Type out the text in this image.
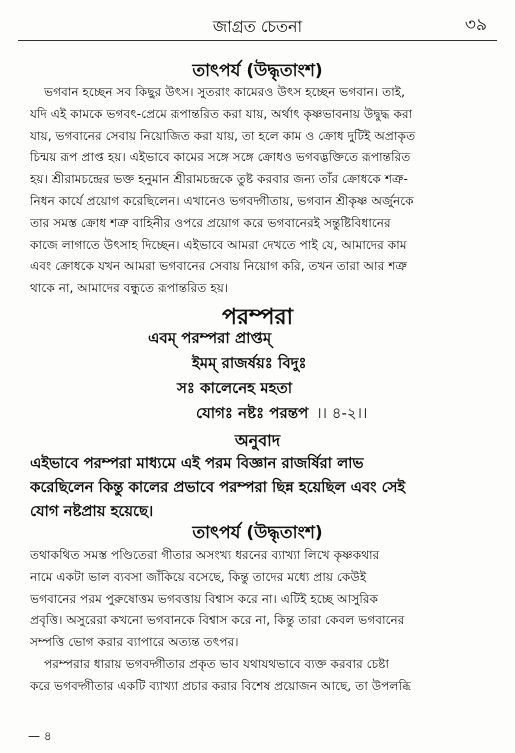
জাগ্রত চেতনা	৩৯
তাৎপর্য (উদ্ধৃতাংশ)
ভগবান হচ্ছেন সব কিছুর উৎস। সুতরাং কামেরও উৎস হচ্ছেন ভগবান। তাই,
যদি এই কামকে ভগবৎ-প্রেমে রূপান্তরিত করা যায়, অর্থাৎ কৃষ্ণভাবনায় উদ্বুদ্ধ করা
যায়, ভগবানের সেবায় নিয়োজিত করা যায়, তা হলে কাম ও ক্রোধ দুটিই অপ্রাকৃত
চিন্ময় রূপ প্রাপ্ত হয়। এইভাবে কামের সঙ্গে সঙ্গে ক্রোধও ভগবদ্ভক্তিতে রূপান্তরিত
হয়। শ্রীরামচন্দ্রের ভক্ত হনুমান শ্রীরামচন্দ্রকে তুষ্ট করবার জন্য তাঁর ক্রোধকে শত্রু-
নিধন কার্যে প্রয়োগ করেছিলেন। এখানেও ভগবদ্গীতায়, ভগবান শ্রীকৃষ্ণ অর্জুনকে
তার সমস্ত ক্রোধ শত্রু বাহিনীর ওপরে প্রয়োগ করে ভগবানেরই সন্তুষ্টিবিধানের
কাজে লাগাতে উৎসাহ দিচ্ছেন। এইভাবে আমরা দেখতে পাই যে, আমাদের কাম
এবং ক্রোধকে যখন আমরা ভগবানের সেবায় নিয়োগ করি, তখন তারা আর শত্রু
থাকে না, আমাদের বন্ধুতে রূপান্তরিত হয়।
পরম্পরা
এবম্ পরম্পরা প্রাপ্তম্
ইমম্ রাজর্ষয়ঃ বিদুঃ
সঃ কালেনেহ মহতা
যোগঃ নষ্টঃ পরন্তপ ।। ৪-২।।
অনুবাদ
এইভাবে পরম্পরা মাধ্যমে এই পরম বিজ্ঞান রাজর্ষিরা লাভ
করেছিলেন কিন্তু কালের প্রভাবে পরম্পরা ছিন্ন হয়েছিল এবং সেই
যোগ নষ্টপ্রায় হয়েছে।
তাৎপর্য (উদ্ধৃতাংশ)
তথাকথিত সমস্ত পণ্ডিতেরা গীতার অসংখ্য ধরনের ব্যাখ্যা লিখে কৃষ্ণকথার
নামে একটা ভাল ব্যবসা জাঁকিয়ে বসেছে, কিন্তু তাদের মধ্যে প্রায় কেউই
ভগবানের পরম পুরুষোত্তম ভগবত্তায় বিশ্বাস করে না। এটিই হচ্ছে আসুরিক
প্রবৃত্তি। অসুরেরা কখনো ভগবানকে বিশ্বাস করে না, কিন্তু তারা কেবল ভগবানের
সম্পত্তি ভোগ করার ব্যাপারে অত্যন্ত তৎপর।
পরম্পরার ধারায় ভগবদ্গীতার প্রকৃত ভাব যথাযথভাবে ব্যক্ত করবার চেষ্টা
করে ভগবদ্গীতার একটি ব্যাখ্যা প্রচার করার বিশেষ প্রয়োজন আছে, তা উপলব্ধি
— ৪
